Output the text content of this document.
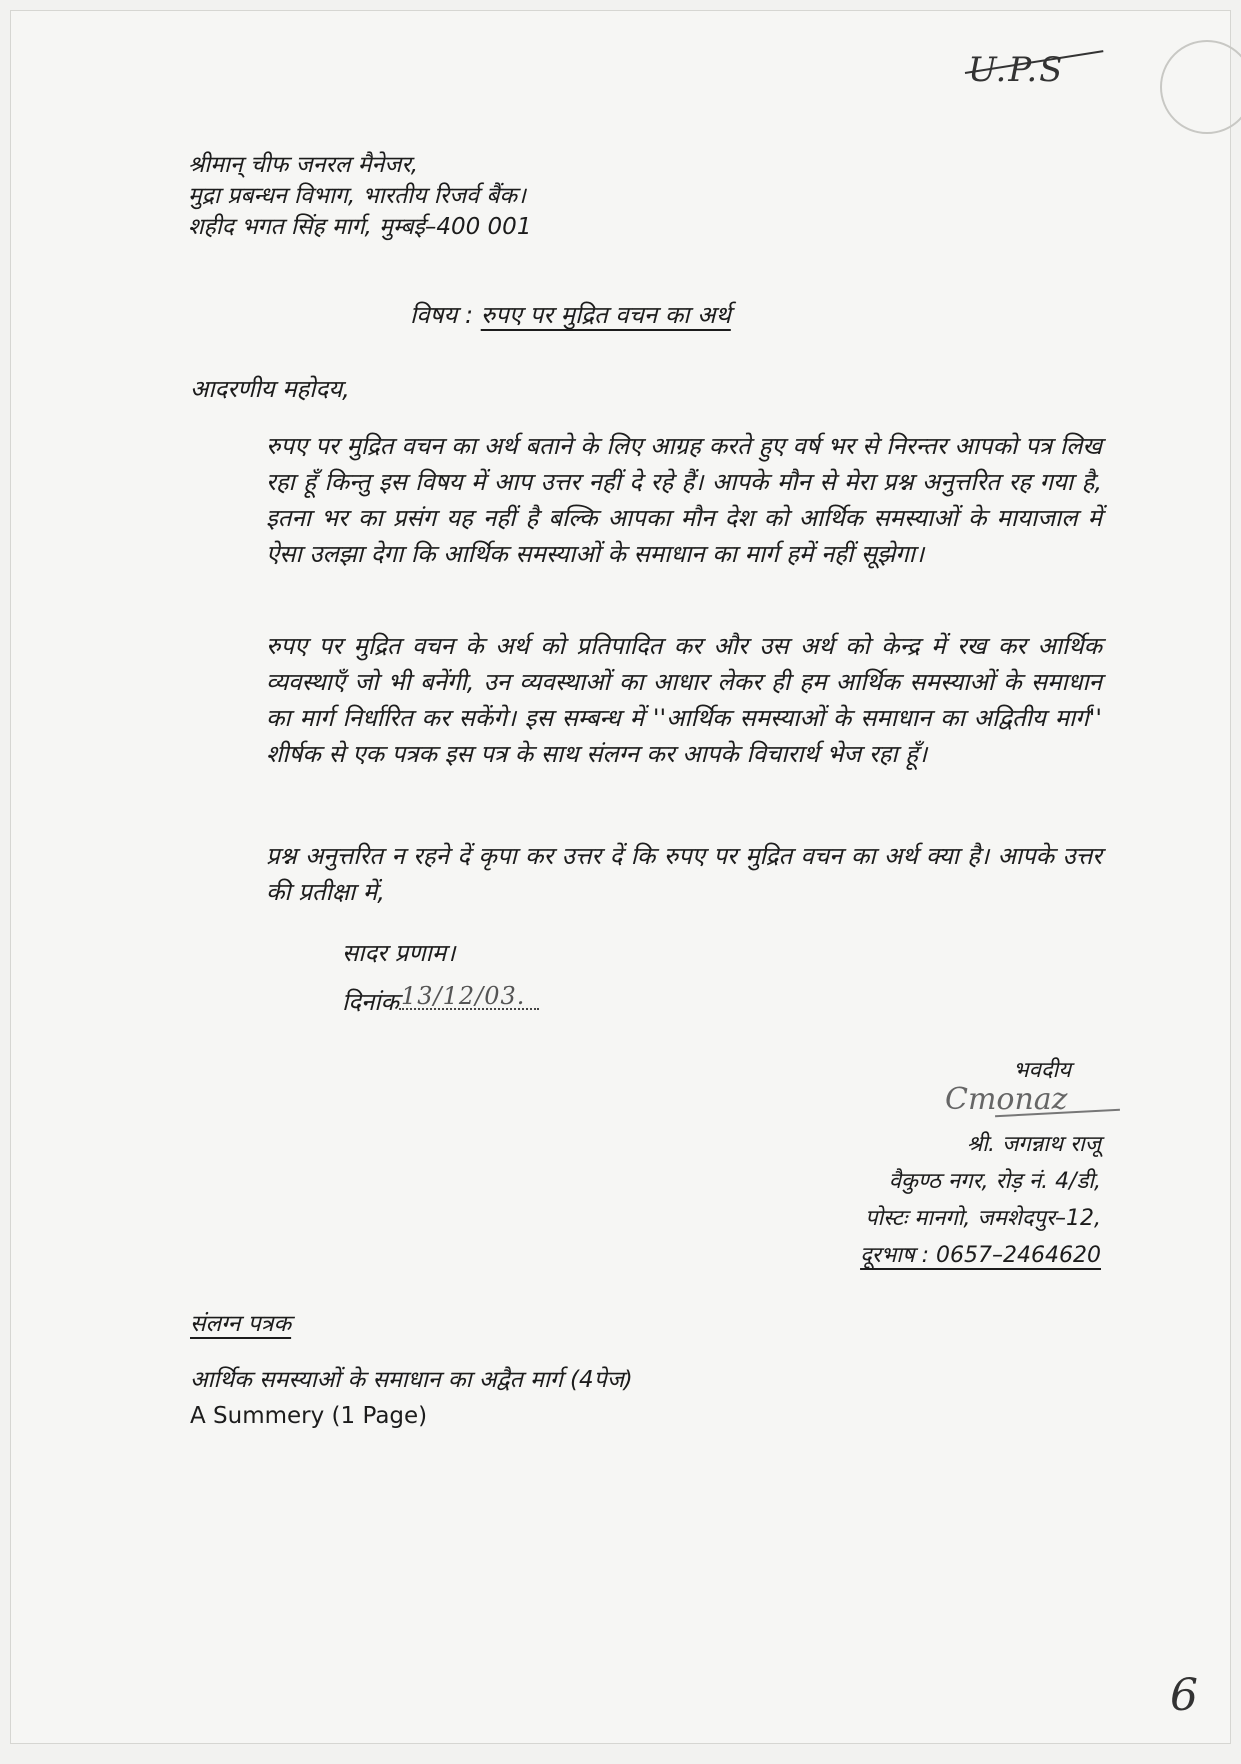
U.P.S
श्रीमान् चीफ जनरल मैनेजर,
मुद्रा प्रबन्धन विभाग, भारतीय रिजर्व बैंक।
शहीद भगत सिंह मार्ग, मुम्बई–400 001
विषय : रुपए पर मुद्रित वचन का अर्थ
आदरणीय महोदय,
रुपए पर मुद्रित वचन का अर्थ बताने के लिए आग्रह करते हुए वर्ष भर से निरन्तर आपको पत्र लिख रहा हूँ किन्तु इस विषय में आप उत्तर नहीं दे रहे हैं। आपके मौन से मेरा प्रश्न अनुत्तरित रह गया है, इतना भर का प्रसंग यह नहीं है बल्कि आपका मौन देश को आर्थिक समस्याओं के मायाजाल में ऐसा उलझा देगा कि आर्थिक समस्याओं के समाधान का मार्ग हमें नहीं सूझेगा।
रुपए पर मुद्रित वचन के अर्थ को प्रतिपादित कर और उस अर्थ को केन्द्र में रख कर आर्थिक व्यवस्थाएँ जो भी बनेंगी, उन व्यवस्थाओं का आधार लेकर ही हम आर्थिक समस्याओं के समाधान का मार्ग निर्धारित कर सकेंगे। इस सम्बन्ध में ''आर्थिक समस्याओं के समाधान का अद्वितीय मार्ग'' शीर्षक से एक पत्रक इस पत्र के साथ संलग्न कर आपके विचारार्थ भेज रहा हूँ।
प्रश्न अनुत्तरित न रहने दें कृपा कर उत्तर दें कि रुपए पर मुद्रित वचन का अर्थ क्या है। आपके उत्तर की प्रतीक्षा में,
सादर प्रणाम।
दिनांक 13/12/03.
Cmonaz
भवदीय
श्री. जगन्नाथ राजू
वैकुण्ठ नगर, रोड़ नं. 4/डी,
पोस्टः मानगो, जमशेदपुर–12,
दूरभाष : 0657–2464620
संलग्न पत्रक
आर्थिक समस्याओं के समाधान का अद्वैत मार्ग (4पेज)
A Summery (1 Page)
6
